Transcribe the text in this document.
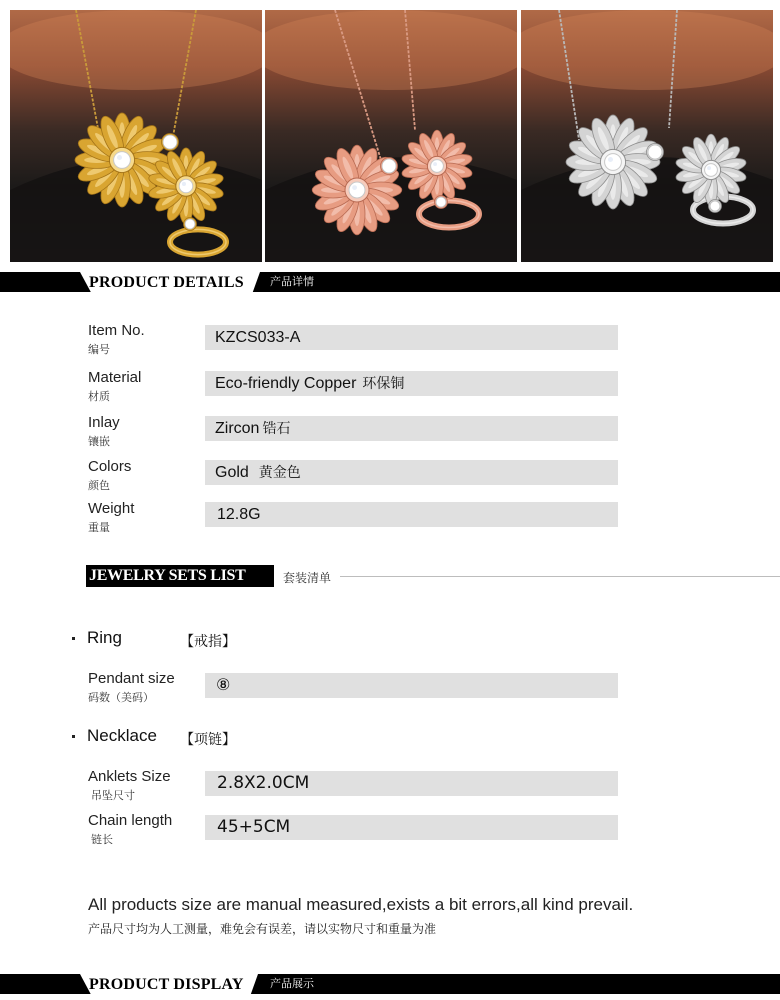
PRODUCT DETAILS 产品详情
Item No.
编号
KZCS033-A
Material
材质
Eco-friendly Copper 环保铜
Inlay
镶嵌
Zircon 锆石
Colors
颜色
Gold 黄金色
Weight
重量
12.8G
JEWELRY SETS LIST	套装清单
Ring	【戒指】
Pendant size
码数（美码）
⑧
Necklace 【项链】
Anklets Size
吊坠尺寸
2.8X2.0CM
Chain length
链长
45+5CM
All products size are manual measured,exists a bit errors,all kind prevail.
产品尺寸均为人工测量，难免会有误差，请以实物尺寸和重量为准
PRODUCT DISPLAY 产品展示
